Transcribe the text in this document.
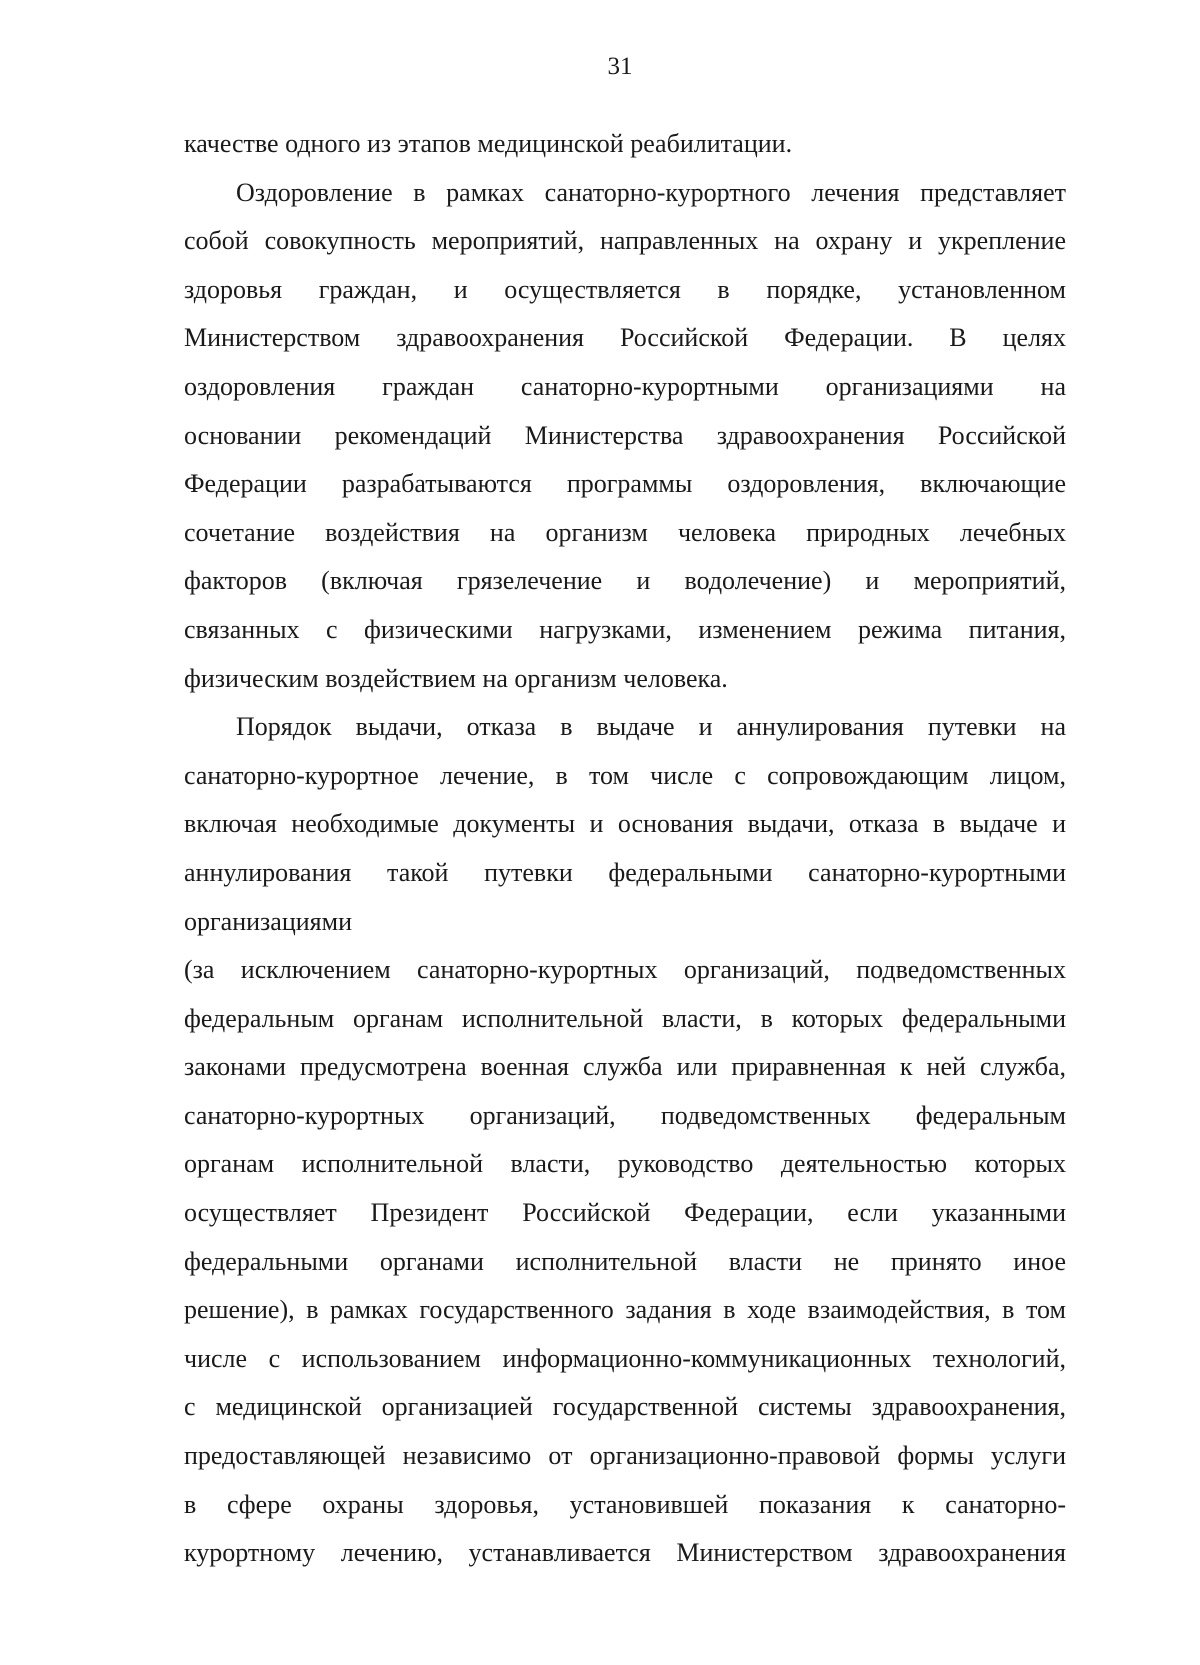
31

качестве одного из этапов медицинской реабилитации.

Оздоровление в рамках санаторно-курортного лечения представляет
собой совокупность мероприятий, направленных на охрану и укрепление
здоровья граждан, и осуществляется в порядке, установленном
Министерством здравоохранения Российской Федерации. В целях
оздоровления граждан санаторно-курортными организациями на
основании рекомендаций Министерства здравоохранения Российской
Федерации разрабатываются программы оздоровления, включающие
сочетание воздействия на организм человека природных лечебных
факторов (включая грязелечение и водолечение) и мероприятий,
связанных с физическими нагрузками, изменением режима питания,
физическим воздействием на организм человека.

Порядок выдачи, отказа в выдаче и аннулирования путевки на
санаторно-курортное лечение, в том числе с сопровождающим лицом,
включая необходимые документы и основания выдачи, отказа в выдаче и
аннулирования такой путевки федеральными санаторно-курортными
организациями

(за исключением санаторно-курортных организаций, подведомственных
федеральным органам исполнительной власти, в которых федеральными
законами предусмотрена военная служба или приравненная к ней служба,
санаторно-курортных организаций, подведомственных федеральным
органам исполнительной власти, руководство деятельностью которых
осуществляет Президент Российской Федерации, если указанными
федеральными органами исполнительной власти не принято иное
решение), в рамках государственного задания в ходе взаимодействия, в том
числе с использованием информационно-коммуникационных технологий,
с медицинской организацией государственной системы здравоохранения,
предоставляющей независимо от организационно-правовой формы услуги
в сфере охраны здоровья, установившей показания к санаторно-
курортному лечению, устанавливается Министерством здравоохранения
